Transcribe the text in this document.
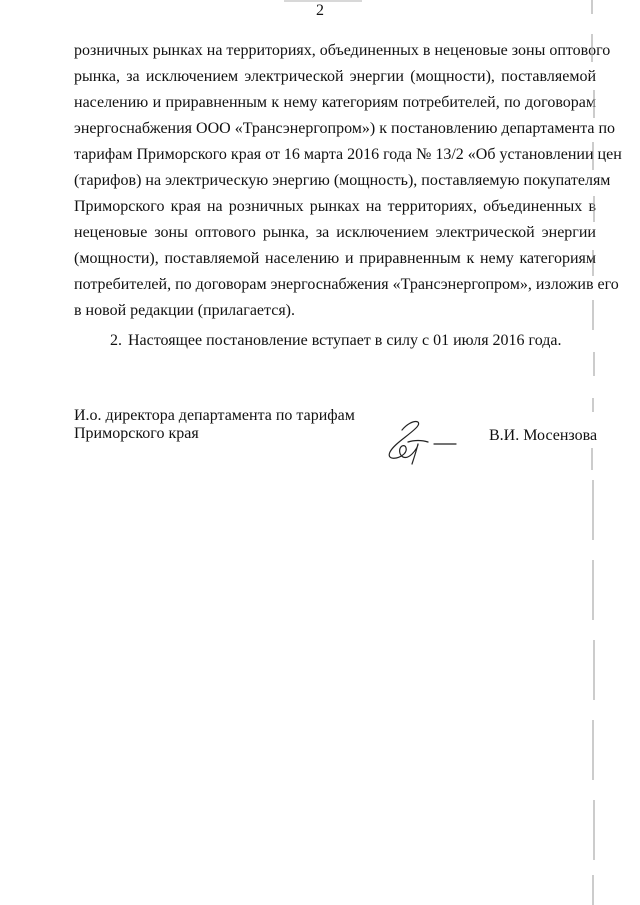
2
розничных рынках на территориях, объединенных в неценовые зоны оптового
рынка, за исключением электрической энергии (мощности), поставляемой
населению и приравненным к нему категориям потребителей, по договорам
энергоснабжения ООО «Трансэнергопром») к постановлению департамента по
тарифам Приморского края от 16 марта 2016 года № 13/2 «Об установлении цен
(тарифов) на электрическую энергию (мощность), поставляемую покупателям
Приморского края на розничных рынках на территориях, объединенных в
неценовые зоны оптового рынка, за исключением электрической энергии
(мощности), поставляемой населению и приравненным к нему категориям
потребителей, по договорам энергоснабжения «Трансэнергопром», изложив его
в новой редакции (прилагается).
2. Настоящее постановление вступает в силу с 01 июля 2016 года.
И.о. директора департамента по тарифам
Приморского края	В.И. Мосензова
